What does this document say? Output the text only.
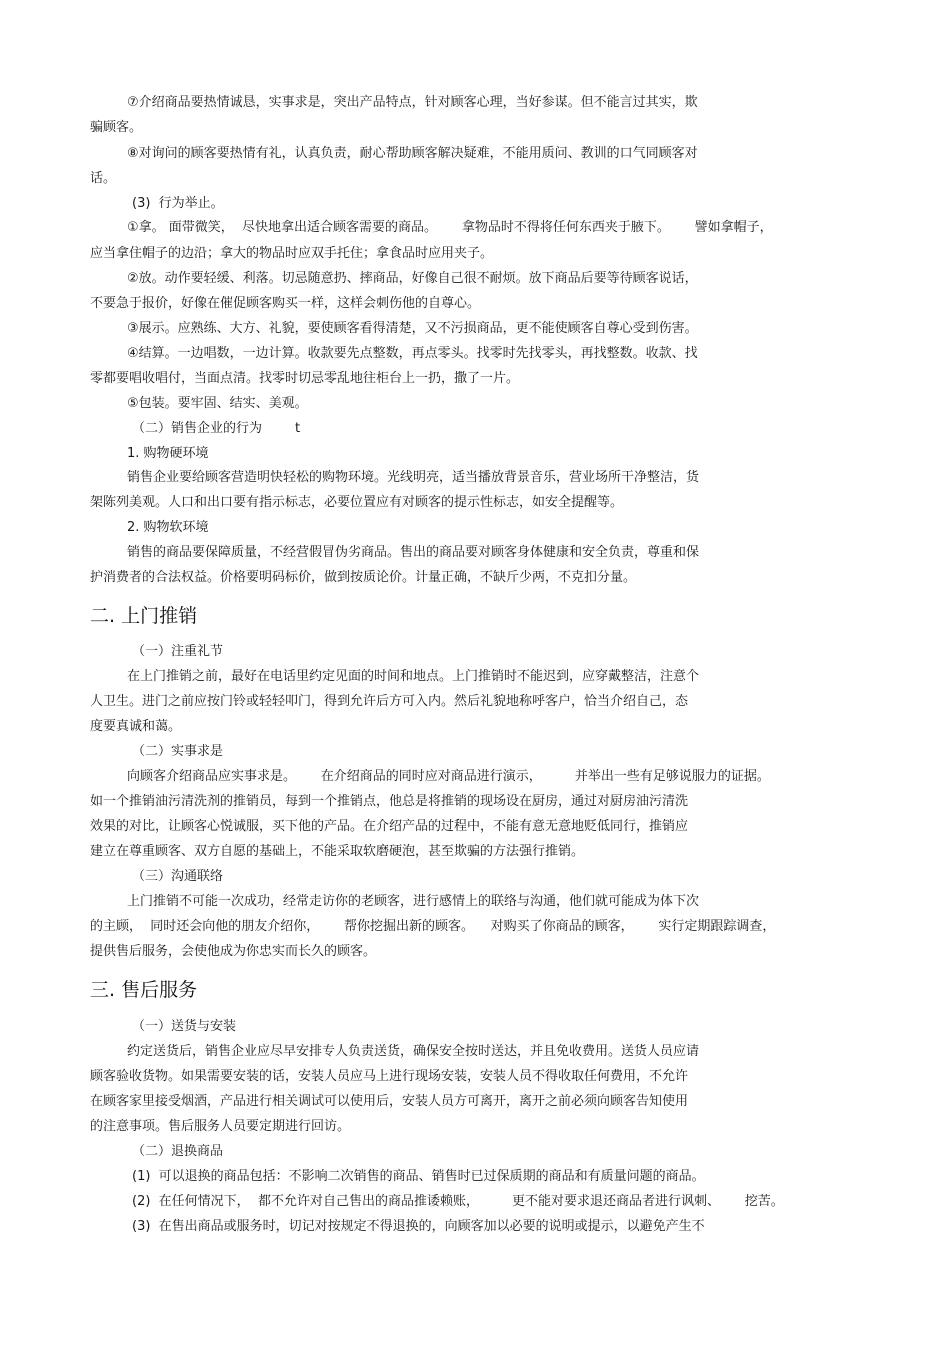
⑦介绍商品要热情诚恳，实事求是，突出产品特点，针对顾客心理，当好参谋。但不能言过其实，欺
骗顾客。
⑧对询问的顾客要热情有礼，认真负责，耐心帮助顾客解决疑难，不能用质问、教训的口气同顾客对
话。
(3)  行为举止。
①拿。 面带微笑，  尽快地拿出适合顾客需要的商品。      拿物品时不得将任何东西夹于腋下。      譬如拿帽子，
应当拿住帽子的边沿；拿大的物品时应双手托住；拿食品时应用夹子。
②放。动作要轻缓、利落。切忌随意扔、摔商品，好像自己很不耐烦。放下商品后要等待顾客说话，
不要急于报价，好像在催促顾客购买一样，这样会刺伤他的自尊心。
③展示。应熟练、大方、礼貌，要使顾客看得清楚，又不污损商品，更不能使顾客自尊心受到伤害。
④结算。一边唱数，一边计算。收款要先点整数，再点零头。找零时先找零头，再找整数。收款、找
零都要唱收唱付，当面点清。找零时切忌零乱地往柜台上一扔，撒了一片。
⑤包装。要牢固、结实、美观。
（二）销售企业的行为        t
1. 购物硬环境
销售企业要给顾客营造明快轻松的购物环境。光线明亮，适当播放背景音乐，营业场所干净整洁，货
架陈列美观。人口和出口要有指示标志，必要位置应有对顾客的提示性标志，如安全提醒等。
2. 购物软环境
销售的商品要保障质量，不经营假冒伪劣商品。售出的商品要对顾客身体健康和安全负责，尊重和保
护消费者的合法权益。价格要明码标价，做到按质论价。计量正确，不缺斤少两，不克扣分量。
二. 上门推销
（一）注重礼节
在上门推销之前，最好在电话里约定见面的时间和地点。上门推销时不能迟到，应穿戴整洁，注意个
人卫生。进门之前应按门铃或轻轻叩门，得到允许后方可入内。然后礼貌地称呼客户，恰当介绍自己，态
度要真诚和蔼。
（二）实事求是
向顾客介绍商品应实事求是。      在介绍商品的同时应对商品进行演示，        并举出一些有足够说服力的证据。
如一个推销油污清洗剂的推销员，每到一个推销点，他总是将推销的现场设在厨房，通过对厨房油污清洗
效果的对比，让顾客心悦诚服，买下他的产品。在介绍产品的过程中，不能有意无意地贬低同行，推销应
建立在尊重顾客、双方自愿的基础上，不能采取软磨硬泡，甚至欺骗的方法强行推销。
（三）沟通联络
上门推销不可能一次成功，经常走访你的老顾客，进行感情上的联络与沟通，他们就可能成为体下次
的主顾，  同时还会向他的朋友介绍你，      帮你挖掘出新的顾客。    对购买了你商品的顾客，      实行定期跟踪调查，
提供售后服务，会使他成为你忠实而长久的顾客。
三. 售后服务
（一）送货与安装
约定送货后，销售企业应尽早安排专人负责送货，确保安全按时送达，并且免收费用。送货人员应请
顾客验收货物。如果需要安装的话，安装人员应马上进行现场安装，安装人员不得收取任何费用，不允许
在顾客家里接受烟酒，产品进行相关调试可以使用后，安装人员方可离开，离开之前必须向顾客告知使用
的注意事项。售后服务人员要定期进行回访。
（二）退换商品
(1)  可以退换的商品包括：不影响二次销售的商品、销售时已过保质期的商品和有质量问题的商品。
(2)  在任何情况下，  都不允许对自己售出的商品推诿赖账，        更不能对要求退还商品者进行讽刺、      挖苦。
(3)  在售出商品或服务时，切记对按规定不得退换的，向顾客加以必要的说明或提示，以避免产生不
